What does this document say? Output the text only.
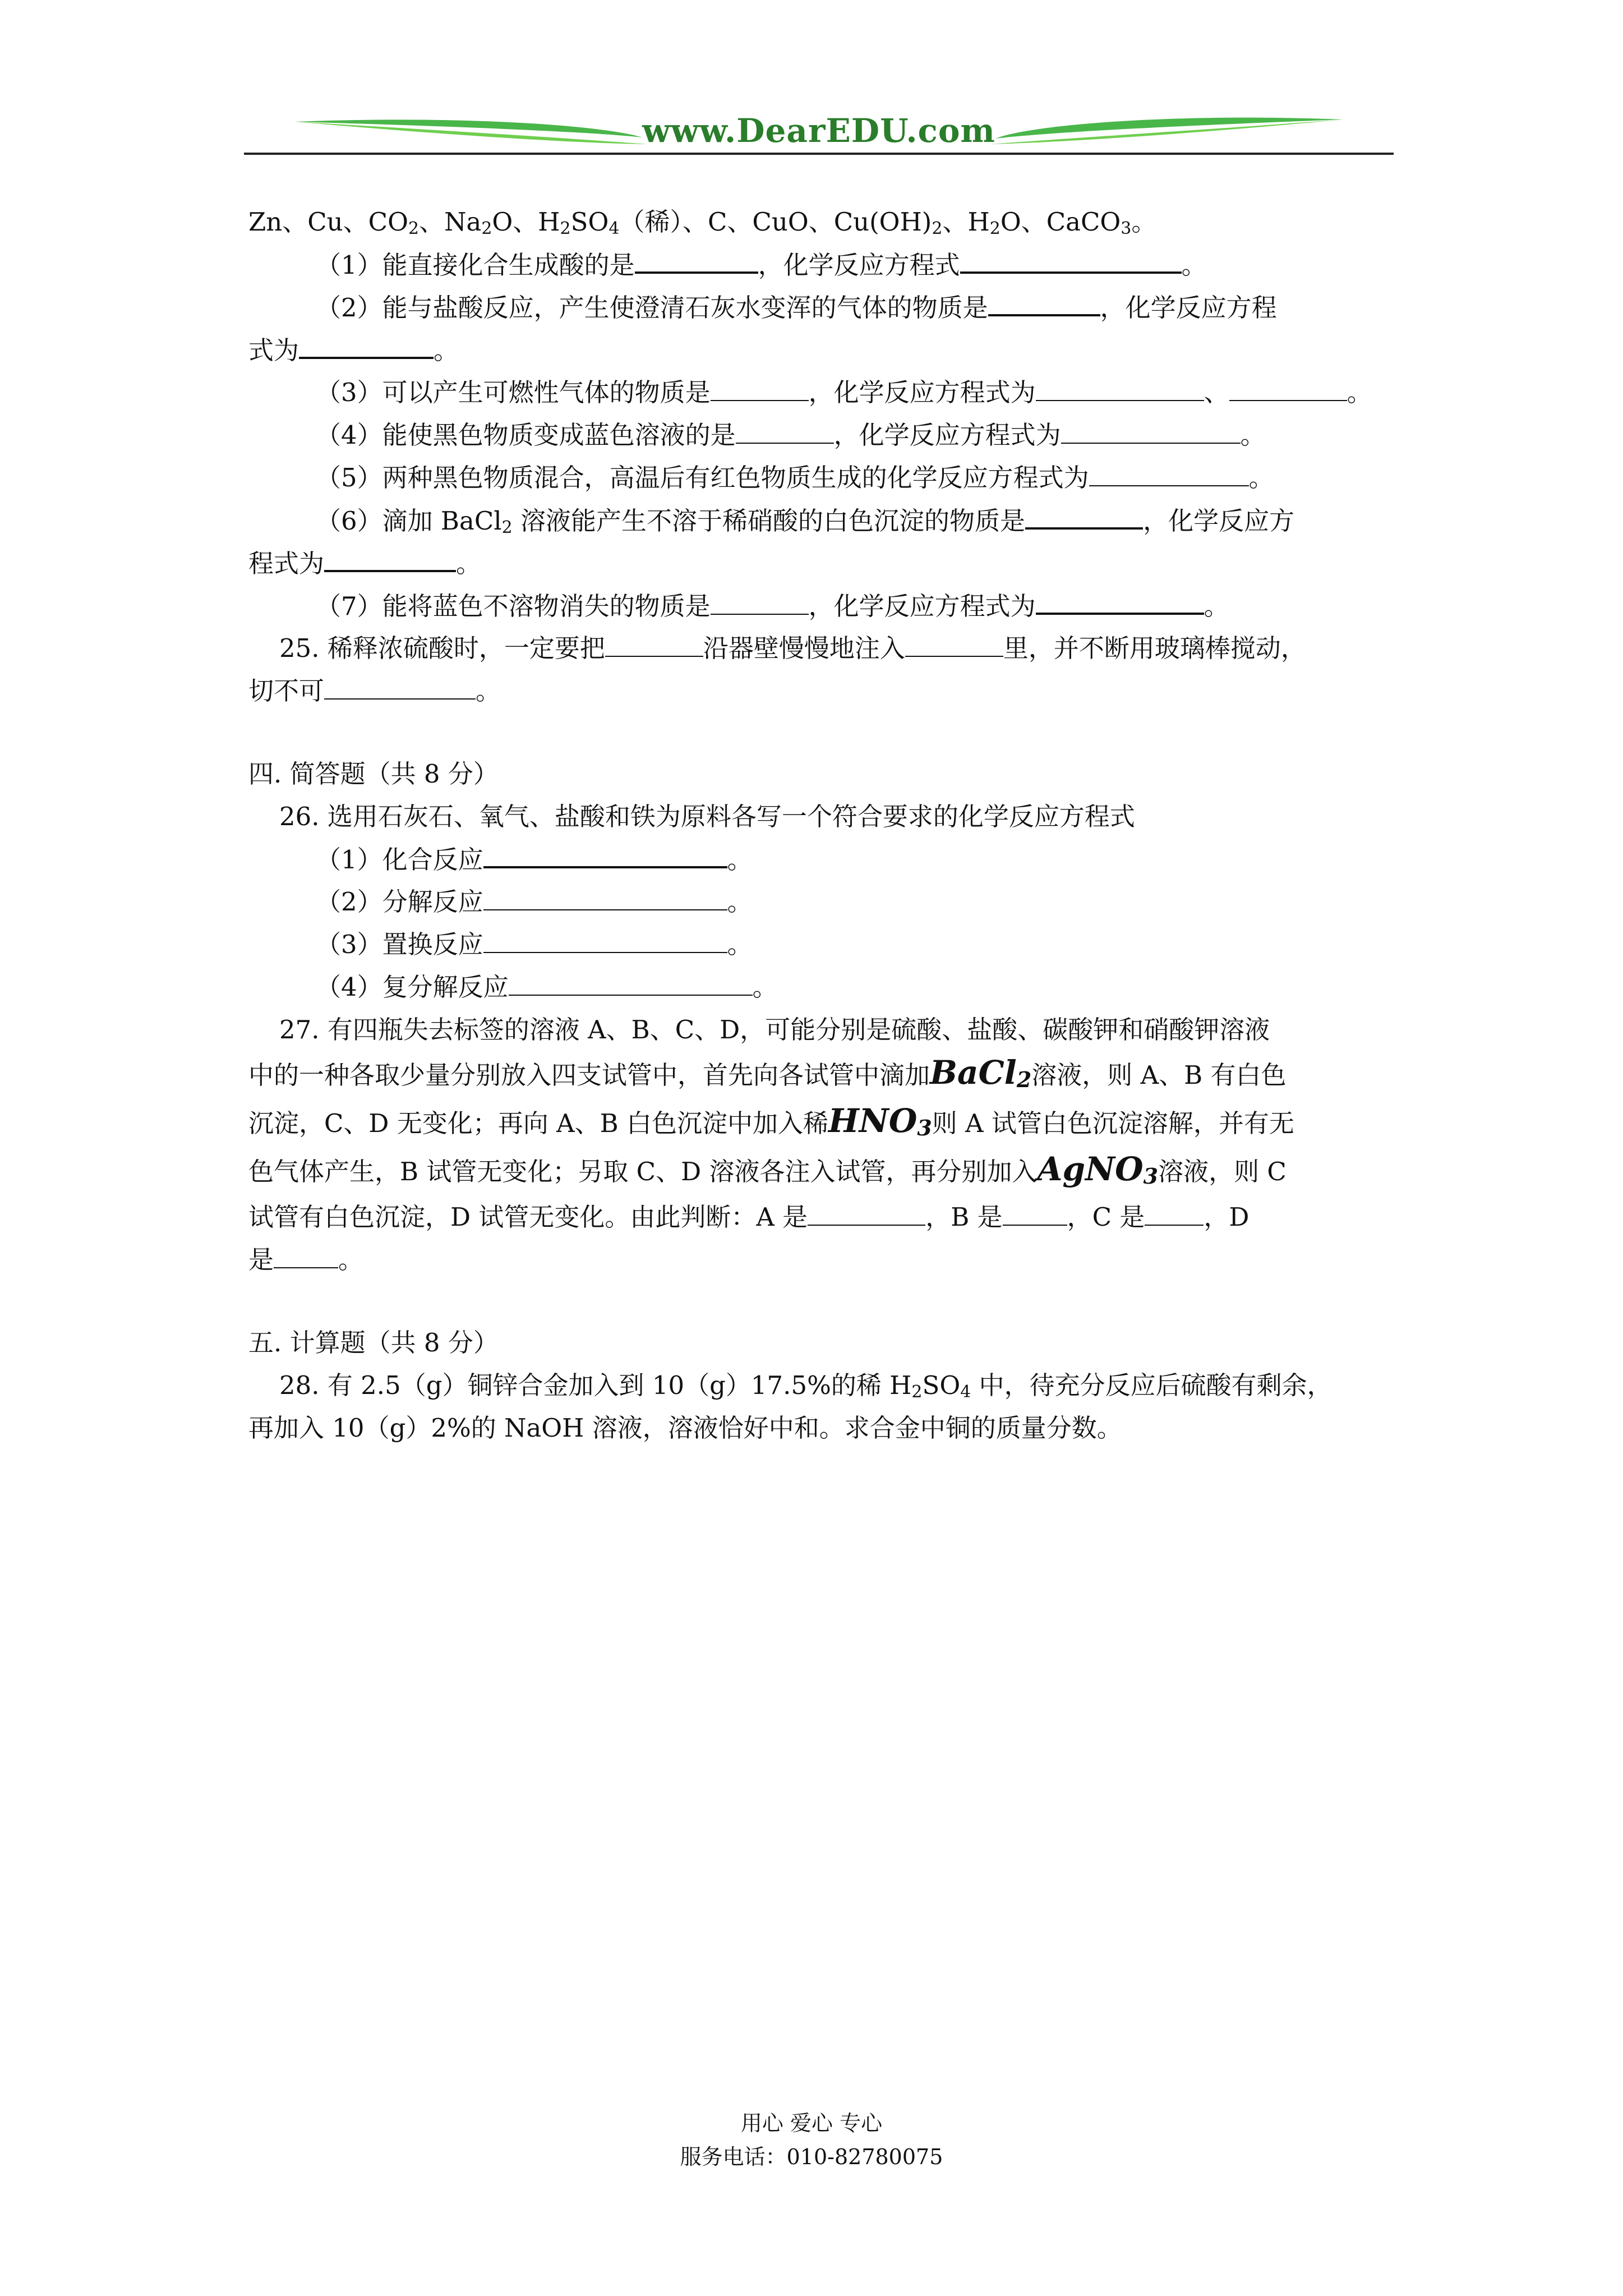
www.DearEDU.com
Zn、Cu、$CO_2$、$Na_2O$、$H_2SO_4$（稀）、C、CuO、$Cu(OH)_2$、$H_2O$、CaCO$_3$。
（1）能直接化合生成酸的是	，化学反应方程式	。
（2）能与盐酸反应，产生使澄清石灰水变浑的气体的物质是	，化学反应方程
式为	。
（3）可以产生可燃性气体的物质是	，化学反应方程式为	、	。
（4）能使黑色物质变成蓝色溶液的是	，化学反应方程式为	。
（5）两种黑色物质混合，高温后有红色物质生成的化学反应方程式为	。
（6）滴加 BaCl$_2$ 溶液能产生不溶于稀硝酸的白色沉淀的物质是	，化学反应方
程式为	。
（7）能将蓝色不溶物消失的物质是	，化学反应方程式为	。
25. 稀释浓硫酸时，一定要把	沿器壁慢慢地注入	里，并不断用玻璃棒搅动，
切不可	。
四. 简答题（共 8 分）
26. 选用石灰石、氧气、盐酸和铁为原料各写一个符合要求的化学反应方程式
（1）化合反应	。
（2）分解反应	。
（3）置换反应	。
（4）复分解反应	。
27. 有四瓶失去标签的溶液 A、B、C、D，可能分别是硫酸、盐酸、碳酸钾和硝酸钾溶液
中的一种各取少量分别放入四支试管中，首先向各试管中滴加BaCl$_2$溶液，则 A、B 有白色
沉淀，C、D 无变化；再向 A、B 白色沉淀中加入稀$HNO_3$则 A 试管白色沉淀溶解，并有无
色气体产生，B 试管无变化；另取 C、D 溶液各注入试管，再分别加入AgNO$_3$溶液，则 C
试管有白色沉淀，D 试管无变化。由此判断：A 是	，B 是	，C 是 ，D
是	。
五. 计算题（共 8 分）
28. 有 2.5（g）铜锌合金加入到 10（g）17.5%的稀 $H_2SO_4$ 中，待充分反应后硫酸有剩余，
再加入 10（g）2%的 NaOH 溶液，溶液恰好中和。求合金中铜的质量分数。
用心 爱心 专心
服务电话：010-82780075
